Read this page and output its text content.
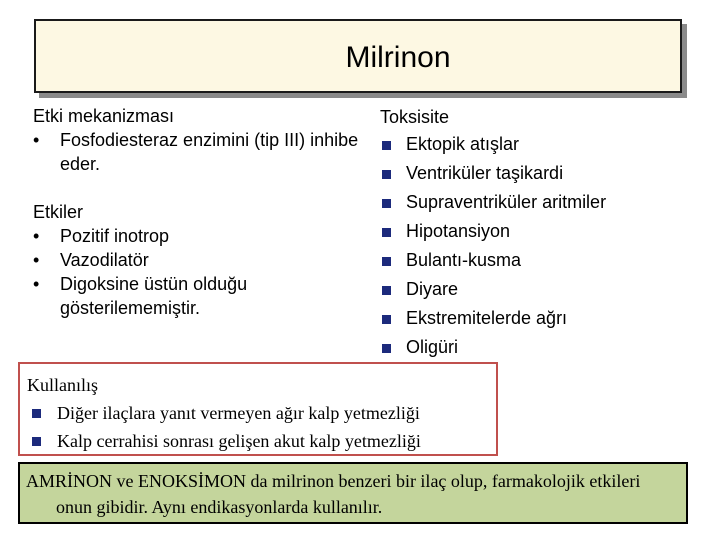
Milrinon

Etki mekanizması

• Fosfodiesteraz enzimini (tip III) inhibe eder.

Etkiler

• Pozitif inotrop
• Vazodilatör
• Digoksine üstün olduğu gösterilememiştir.

Toksisite

Ektopik atışlar
Ventriküler taşikardi
Supraventriküler aritmiler
Hipotansiyon
Bulantı-kusma
Diyare
Ekstremitelerde ağrı
Oligüri

Kullanılış

Diğer ilaçlara yanıt vermeyen ağır kalp yetmezliği
Kalp cerrahisi sonrası gelişen akut kalp yetmezliği

AMRİNON ve ENOKSİMON da milrinon benzeri bir ilaç olup, farmakolojik etkileri onun gibidir. Aynı endikasyonlarda kullanılır.
